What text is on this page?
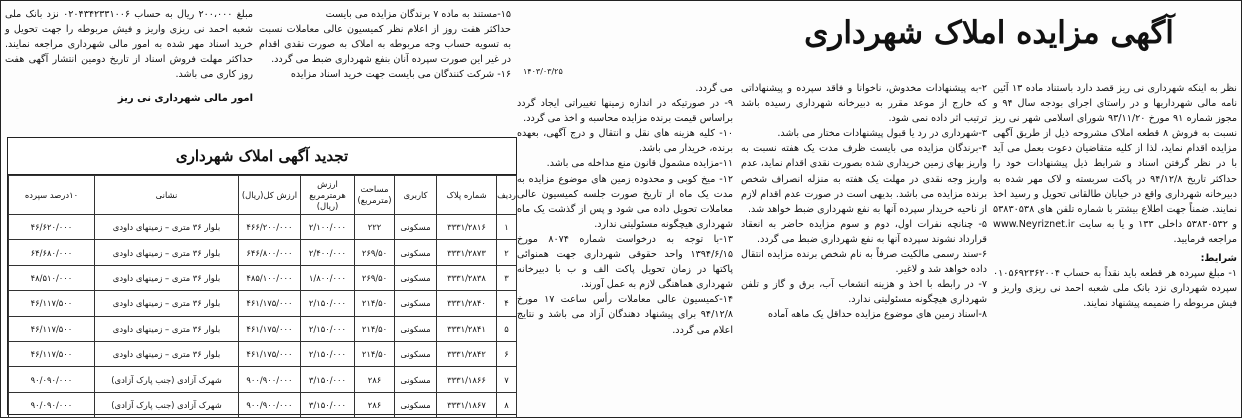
آگهی مزایده املاک شهرداری
۱۴۰۳/۰۳/۲۵

نظر به اینکه شهرداری نی ریز قصد دارد باستناد ماده ۱۳ آئین نامه مالی شهرداریها و در راستای اجرای بودجه سال ۹۴ و مجوز شماره ۹۱ مورخ ۹۳/۱۱/۲۰ شورای اسلامی شهر نی ریز نسبت به فروش ۸ قطعه املاک مشروحه ذیل از طریق آگهی مزایده اقدام نماید، لذا از کلیه متقاضیان دعوت بعمل می آید با در نظر گرفتن اسناد و شرایط ذیل پیشنهادات خود را حداکثر تاریخ ۹۴/۱۲/۸ در پاکت سربسته و لاک مهر شده به دبیرخانه شهرداری واقع در خیابان طالقانی تحویل و رسید اخذ نمایند. ضمناً جهت اطلاع بیشتر با شماره تلفن های ۵۳۸۳۰۵۳۸ و ۵۳۸۳۰۵۳۲ داخلی ۱۳۳ و یا به سایت www.Neyriznet.ir مراجعه فرمایید.

شرایط:

۱- مبلغ سپرده هر قطعه باید نقداً به حساب ۰۱۰۵۶۹۲۳۶۲۰۰۴ سپرده شهرداری نزد بانک ملی شعبه احمد نی ریزی واریز و فیش مربوطه را ضمیمه پیشنهاد نمایند.

۲-به پیشنهادات مخدوش، ناخوانا و فاقد سپرده و پیشنهاداتی که خارج از موعد مقرر به دبیرخانه شهرداری رسیده باشد ترتیب اثر داده نمی شود.

۳-شهرداری در رد یا قبول پیشنهادات مختار می باشد.

۴-برندگان مزایده می بایست ظرف مدت یک هفته نسبت به واریز بهای زمین خریداری شده بصورت نقدی اقدام نماید، عدم واریز وجه نقدی در مهلت یک هفته به منزله انصراف شخص برنده مزایده می باشد. بدیهی است در صورت عدم اقدام لازم از ناحیه خریدار سپرده آنها به نفع شهرداری ضبط خواهد شد.

۵- چنانچه نفرات اول، دوم و سوم مزایده حاضر به انعقاد قرارداد نشوند سپرده آنها به نفع شهرداری ضبط می گردد.

۶-سند رسمی مالکیت صرفاً به نام شخص برنده مزایده انتقال داده خواهد شد و لاغیر.

۷- در رابطه با اخذ و هزینه انشعاب آب، برق و گاز و تلفن شهرداری هیچگونه مسئولیتی ندارد.

۸-اسناد زمین های موضوع مزایده حداقل یک ماهه آماده

می گردد.

۹- در صورتیکه در اندازه زمینها تغییراتی ایجاد گردد براساس قیمت برنده مزایده محاسبه و اخذ می گردد.

۱۰- کلیه هزینه های نقل و انتقال و درج آگهی، بعهده برنده، خریدار می باشد.

۱۱-مزایده مشمول قانون منع مداخله می باشد.

۱۲- میخ کوبی و محدوده زمین های موضوع مزایده به مدت یک ماه از تاریخ صورت جلسه کمیسیون عالی معاملات تحویل داده می شود و پس از گذشت یک ماه شهرداری هیچگونه مسئولیتی ندارد.

۱۳-با توجه به درخواست شماره ۸۰۷۴ مورخ ۱۳۹۴/۶/۱۵ واحد حقوقی شهرداری جهت همنوائی پاکتها در زمان تحویل پاکت الف و ب با دبیرخانه شهرداری هماهنگی لازم به عمل آورند.

۱۴-کمیسیون عالی معاملات رأس ساعت ۱۷ مورخ ۹۴/۱۲/۸ برای پیشنهاد دهندگان آزاد می باشد و نتایج اعلام می گردد.

۱۵-مستند به ماده ۷ برندگان مزایده می بایست

حداکثر هفت روز از اعلام نظر کمیسیون عالی معاملات نسبت به تسویه حساب وجه مربوطه به املاک به صورت نقدی اقدام در غیر این صورت سپرده آنان بنفع شهرداری ضبط می گردد.

۱۶- شرکت کنندگان می بایست جهت خرید اسناد مزایده

مبلغ ۲۰۰،۰۰۰ ریال به حساب ۰۲۰۴۳۴۲۳۳۱۰۰۶ نزد بانک ملی شعبه احمد نی ریزی واریز و فیش مربوطه را جهت تحویل و خرید اسناد مهر شده به امور مالی شهرداری مراجعه نمایند. حداکثر مهلت فروش اسناد از تاریخ دومین انتشار آگهی هفت روز کاری می باشد.

امور مالی شهرداری نی ریز
تجدید آگهی املاک شهرداری
ردیف	شماره پلاک	کاربری	مساحت (مترمربع)	ارزش هرمترمربع (ریال)	ارزش کل(ریال)	نشانی	۱۰درصد سپرده
۱	۳۳۳۱/۲۸۱۶	مسکونی	۲۲۲	۲/۱۰۰/۰۰۰	۴۶۶/۲۰۰/۰۰۰	بلوار ۳۶ متری – زمینهای داودی	۴۶/۶۲۰/۰۰۰
۲	۳۳۳۱/۲۸۷۳	مسکونی	۲۶۹/۵۰	۲/۴۰۰/۰۰۰	۶۴۶/۸۰۰/۰۰۰	بلوار ۳۶ متری – زمینهای داودی	۶۴/۶۸۰/۰۰۰
۳	۳۳۳۱/۲۸۳۸	مسکونی	۲۶۹/۵۰	۱/۸۰۰/۰۰۰	۴۸۵/۱۰۰/۰۰۰	بلوار ۳۶ متری – زمینهای داودی	۴۸/۵۱۰/۰۰۰
۴	۳۳۳۱/۲۸۴۰	مسکونی	۲۱۴/۵۰	۲/۱۵۰/۰۰۰	۴۶۱/۱۷۵/۰۰۰	بلوار ۳۶ متری – زمینهای داودی	۴۶/۱۱۷/۵۰۰
۵	۳۳۳۱/۲۸۴۱	مسکونی	۲۱۴/۵۰	۲/۱۵۰/۰۰۰	۴۶۱/۱۷۵/۰۰۰	بلوار ۳۶ متری – زمینهای داودی	۴۶/۱۱۷/۵۰۰
۶	۳۳۳۱/۲۸۴۲	مسکونی	۲۱۴/۵۰	۲/۱۵۰/۰۰۰	۴۶۱/۱۷۵/۰۰۰	بلوار ۳۶ متری – زمینهای داودی	۴۶/۱۱۷/۵۰۰
۷	۳۳۳۱/۱۸۶۶	مسکونی	۲۸۶	۳/۱۵۰/۰۰۰	۹۰۰/۹۰۰/۰۰۰	شهرک آزادی (جنب پارک آزادی)	۹۰/۰۹۰/۰۰۰
۸	۳۳۳۱/۱۸۶۷	مسکونی	۲۸۶	۳/۱۵۰/۰۰۰	۹۰۰/۹۰۰/۰۰۰	شهرک آزادی (جنب پارک آزادی)	۹۰/۰۹۰/۰۰۰
